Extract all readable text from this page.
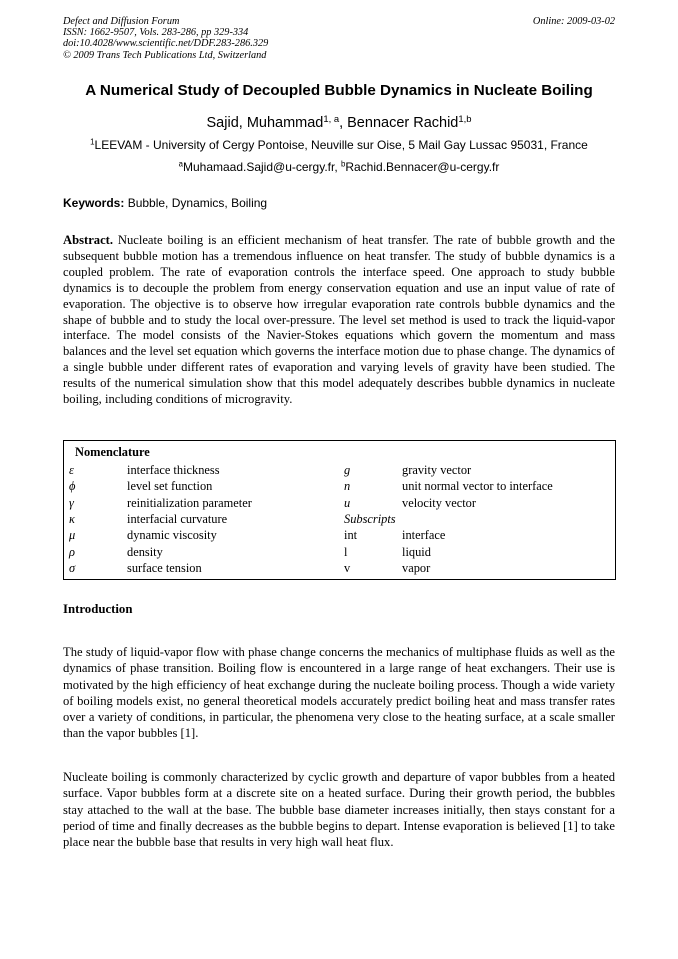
Defect and Diffusion Forum
ISSN: 1662-9507, Vols. 283-286, pp 329-334
doi:10.4028/www.scientific.net/DDF.283-286.329
© 2009 Trans Tech Publications Ltd, Switzerland
Online: 2009-03-02
A Numerical Study of Decoupled Bubble Dynamics in Nucleate Boiling
Sajid, Muhammad$^{1, a}$, Bennacer Rachid$^{1,b}$
$^1$LEEVAM - University of Cergy Pontoise, Neuville sur Oise, 5 Mail Gay Lussac 95031, France
$^a$Muhamaad.Sajid@u-cergy.fr, $^b$Rachid.Bennacer@u-cergy.fr
Keywords: Bubble, Dynamics, Boiling

Abstract. Nucleate boiling is an efficient mechanism of heat transfer. The rate of bubble growth and the subsequent bubble motion has a tremendous influence on heat transfer. The study of bubble dynamics is a coupled problem. The rate of evaporation controls the interface speed. One approach to study bubble dynamics is to decouple the problem from energy conservation equation and use an input value of rate of evaporation. The objective is to observe how irregular evaporation rate controls bubble dynamics and the shape of bubble and to study the local over-pressure. The level set method is used to track the liquid-vapor interface. The model consists of the Navier-Stokes equations which govern the momentum and mass balances and the level set equation which governs the interface motion due to phase change. The dynamics of a single bubble under different rates of evaporation and varying levels of gravity have been studied. The results of the numerical simulation show that this model adequately describes bubble dynamics in nucleate boiling, including conditions of microgravity.

Nomenclature
ε	interface thickness	g⃗	gravity vector
ϕ	level set function	n⃗	unit normal vector to interface
γ	reinitialization parameter	u⃗	velocity vector
κ	interfacial curvature	Subscripts
μ	dynamic viscosity	int	interface
ρ	density	l	liquid
σ	surface tension	v	vapor
Introduction

The study of liquid-vapor flow with phase change concerns the mechanics of multiphase fluids as well as the dynamics of phase transition. Boiling flow is encountered in a large range of heat exchangers. Their use is motivated by the high efficiency of heat exchange during the nucleate boiling process. Though a wide variety of boiling models exist, no general theoretical models accurately predict boiling heat and mass transfer rates over a variety of conditions, in particular, the phenomena very close to the heating surface, at a scale smaller than the vapor bubbles [1].

Nucleate boiling is commonly characterized by cyclic growth and departure of vapor bubbles from a heated surface. Vapor bubbles form at a discrete site on a heated surface. During their growth period, the bubbles stay attached to the wall at the base. The bubble base diameter increases initially, then stays constant for a period of time and finally decreases as the bubble begins to depart. Intense evaporation is believed [1] to take place near the bubble base that results in very high wall heat flux.
